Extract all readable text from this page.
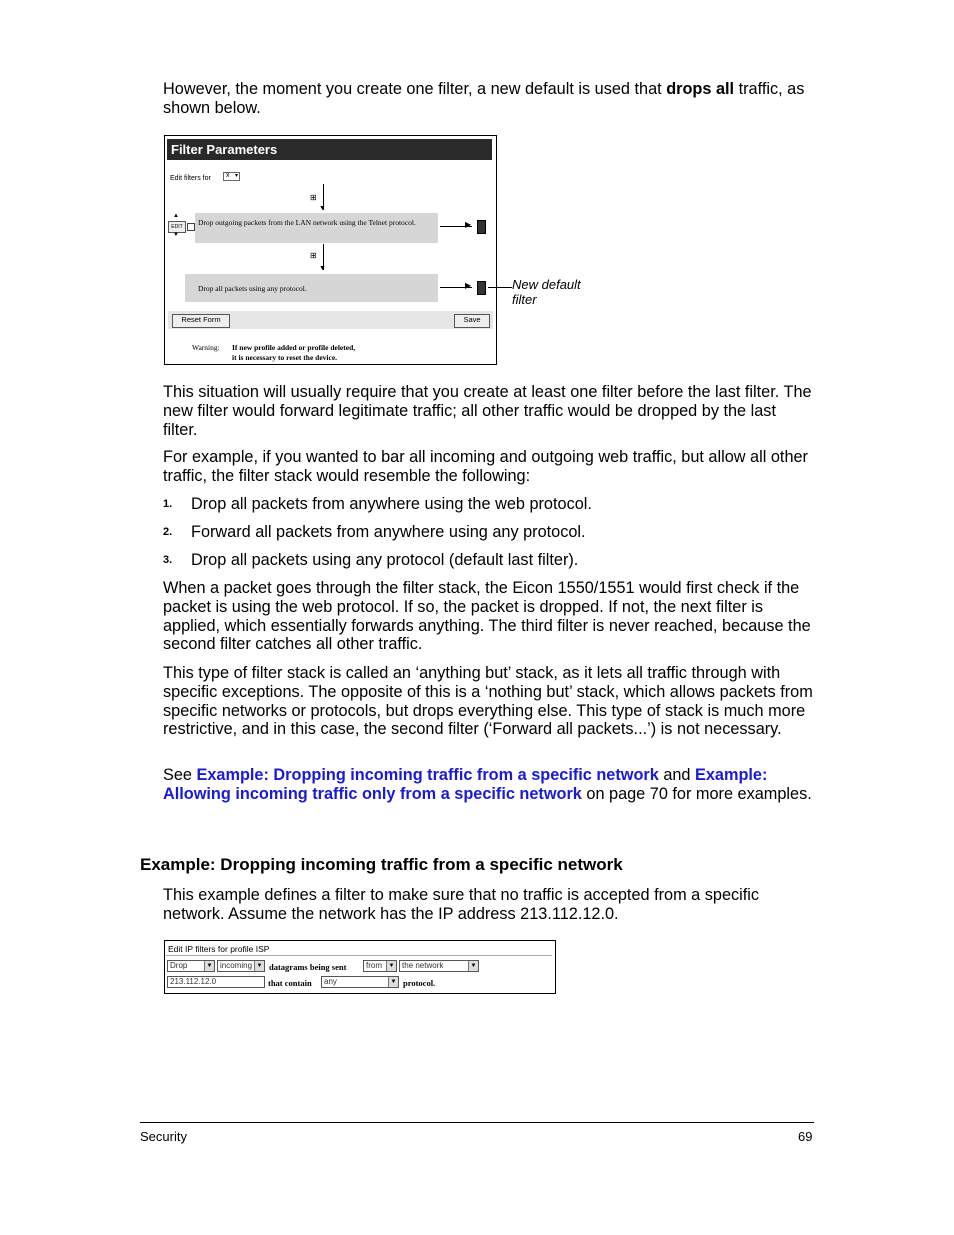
However, the moment you create one filter, a new default is used that drops all traffic, as shown below.

Filter Parameters
Edit filters for x ▾
⊞
▼
▲
EDIT
▼
Drop outgoing packets from the LAN network using the Telnet protocol.	▶
⊞
▼
Drop all packets using any protocol.	▶
Reset Form	Save
Warning: If new profile added or profile deleted,
it is necessary to reset the device.
New default
filter

This situation will usually require that you create at least one filter before the last filter. The new filter would forward legitimate traffic; all other traffic would be dropped by the last filter.

For example, if you wanted to bar all incoming and outgoing web traffic, but allow all other traffic, the filter stack would resemble the following:

1. Drop all packets from anywhere using the web protocol.
2. Forward all packets from anywhere using any protocol.
3. Drop all packets using any protocol (default last filter).

When a packet goes through the filter stack, the Eicon 1550/1551 would first check if the packet is using the web protocol. If so, the packet is dropped. If not, the next filter is applied, which essentially forwards anything. The third filter is never reached, because the second filter catches all other traffic.

This type of filter stack is called an ‘anything but’ stack, as it lets all traffic through with specific exceptions. The opposite of this is a ‘nothing but’ stack, which allows packets from specific networks or protocols, but drops everything else. This type of stack is much more restrictive, and in this case, the second filter (‘Forward all packets...’) is not necessary.

See Example: Dropping incoming traffic from a specific network and Example: Allowing incoming traffic only from a specific network on page 70 for more examples.

Example: Dropping incoming traffic from a specific network

This example defines a filter to make sure that no traffic is accepted from a specific network. Assume the network has the IP address 213.112.12.0.

Edit IP filters for profile ISP
Drop	▼ incoming ▼ datagrams being sent	from	▼ the network	▼
213.112.12.0	that contain	any	▼ protocol.
Security	69
